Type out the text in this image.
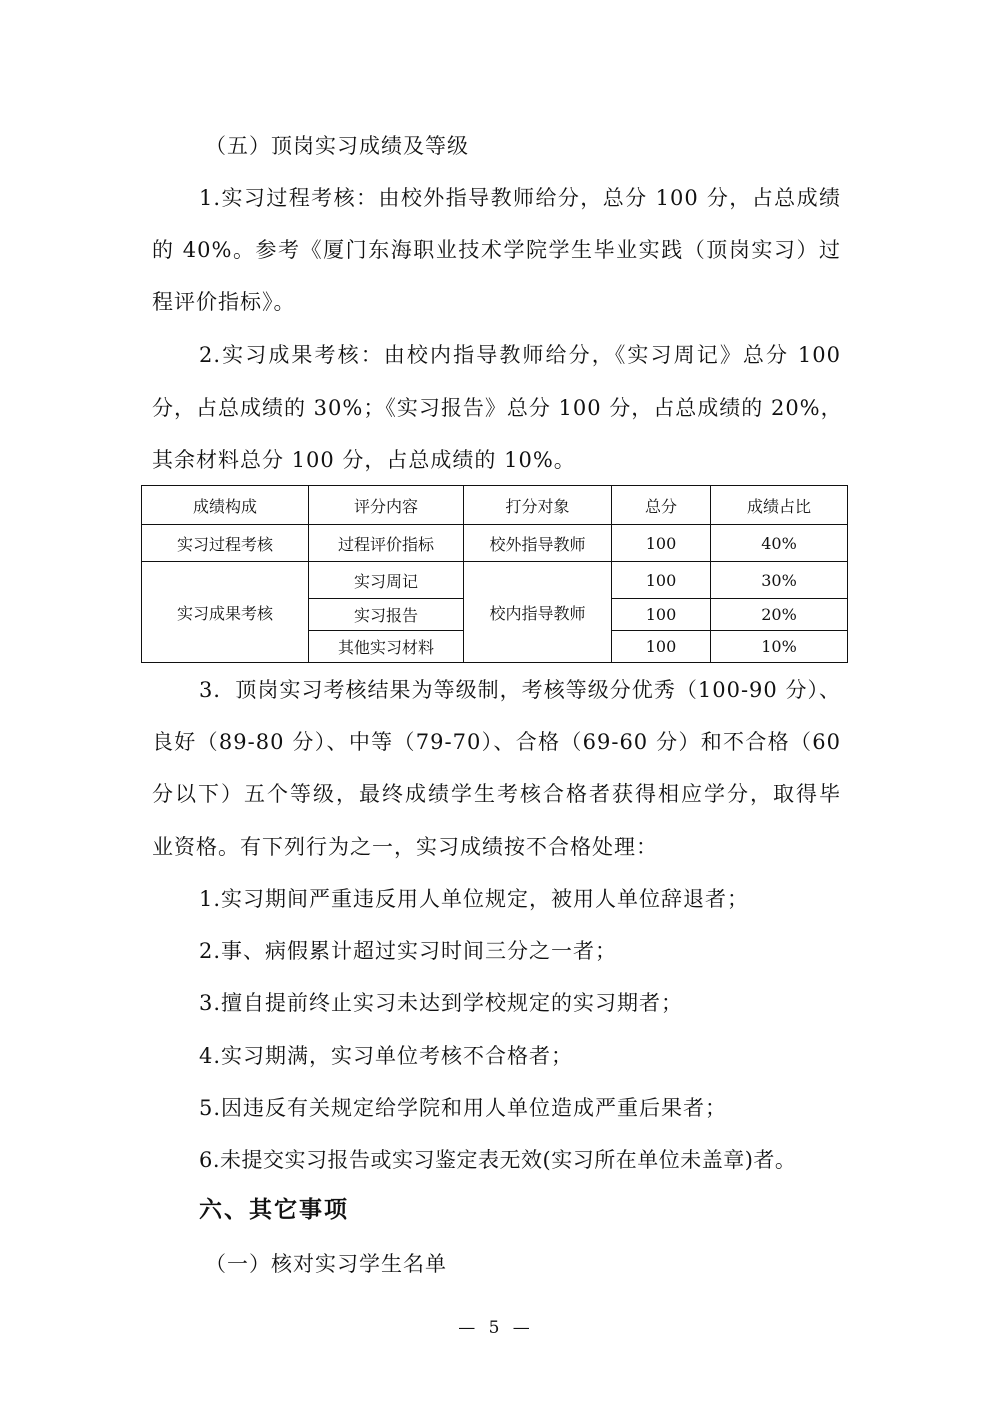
（五）顶岗实习成绩及等级
1.实习过程考核：由校外指导教师给分，总分 100 分，占总成绩
的 40%。参考《厦门东海职业技术学院学生毕业实践（顶岗实习）过
程评价指标》。
2.实习成果考核：由校内指导教师给分，《实习周记》总分 100
分，占总成绩的 30%；《实习报告》总分 100 分，占总成绩的 20%，
其余材料总分 100 分，占总成绩的 10%。
成绩构成	评分内容	打分对象	总分	成绩占比
实习过程考核	过程评价指标	校外指导教师	100	40%
实习成果考核	实习周记	校内指导教师	100	30%
	实习报告		100	20%
	其他实习材料		100	10%
3．顶岗实习考核结果为等级制，考核等级分优秀（100-90 分）、
良好（89-80 分）、中等（79-70）、合格（69-60 分）和不合格（60
分以下）五个等级，最终成绩学生考核合格者获得相应学分，取得毕
业资格。有下列行为之一，实习成绩按不合格处理：
1.实习期间严重违反用人单位规定，被用人单位辞退者；
2.事、病假累计超过实习时间三分之一者；
3.擅自提前终止实习未达到学校规定的实习期者；
4.实习期满，实习单位考核不合格者；
5.因违反有关规定给学院和用人单位造成严重后果者；
6.未提交实习报告或实习鉴定表无效(实习所在单位未盖章)者。
六、其它事项
（一）核对实习学生名单
— 5 —
